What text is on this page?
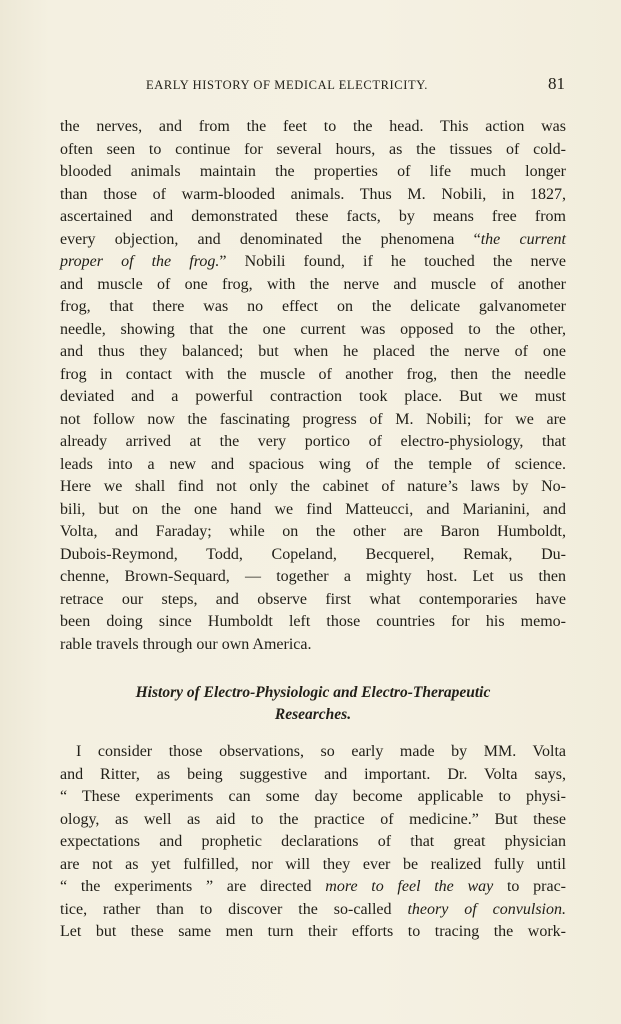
EARLY HISTORY OF MEDICAL ELECTRICITY.	81
the nerves, and from the feet to the head. This action was
often seen to continue for several hours, as the tissues of cold-
blooded animals maintain the properties of life much longer
than those of warm-blooded animals. Thus M. Nobili, in 1827,
ascertained and demonstrated these facts, by means free from
every objection, and denominated the phenomena “the current
proper of the frog.” Nobili found, if he touched the nerve
and muscle of one frog, with the nerve and muscle of another
frog, that there was no effect on the delicate galvanometer
needle, showing that the one current was opposed to the other,
and thus they balanced; but when he placed the nerve of one
frog in contact with the muscle of another frog, then the needle
deviated and a powerful contraction took place. But we must
not follow now the fascinating progress of M. Nobili; for we are
already arrived at the very portico of electro-physiology, that
leads into a new and spacious wing of the temple of science.
Here we shall find not only the cabinet of nature’s laws by No-
bili, but on the one hand we find Matteucci, and Marianini, and
Volta, and Faraday; while on the other are Baron Humboldt,
Dubois-Reymond, Todd, Copeland, Becquerel, Remak, Du-
chenne, Brown-Sequard, — together a mighty host. Let us then
retrace our steps, and observe first what contemporaries have
been doing since Humboldt left those countries for his memo-
rable travels through our own America.
History of Electro-Physiologic and Electro-Therapeutic
Researches.
I consider those observations, so early made by MM. Volta
and Ritter, as being suggestive and important. Dr. Volta says,
“ These experiments can some day become applicable to physi-
ology, as well as aid to the practice of medicine.” But these
expectations and prophetic declarations of that great physician
are not as yet fulfilled, nor will they ever be realized fully until
“ the experiments ” are directed more to feel the way to prac-
tice, rather than to discover the so-called theory of convulsion.
Let but these same men turn their efforts to tracing the work-
